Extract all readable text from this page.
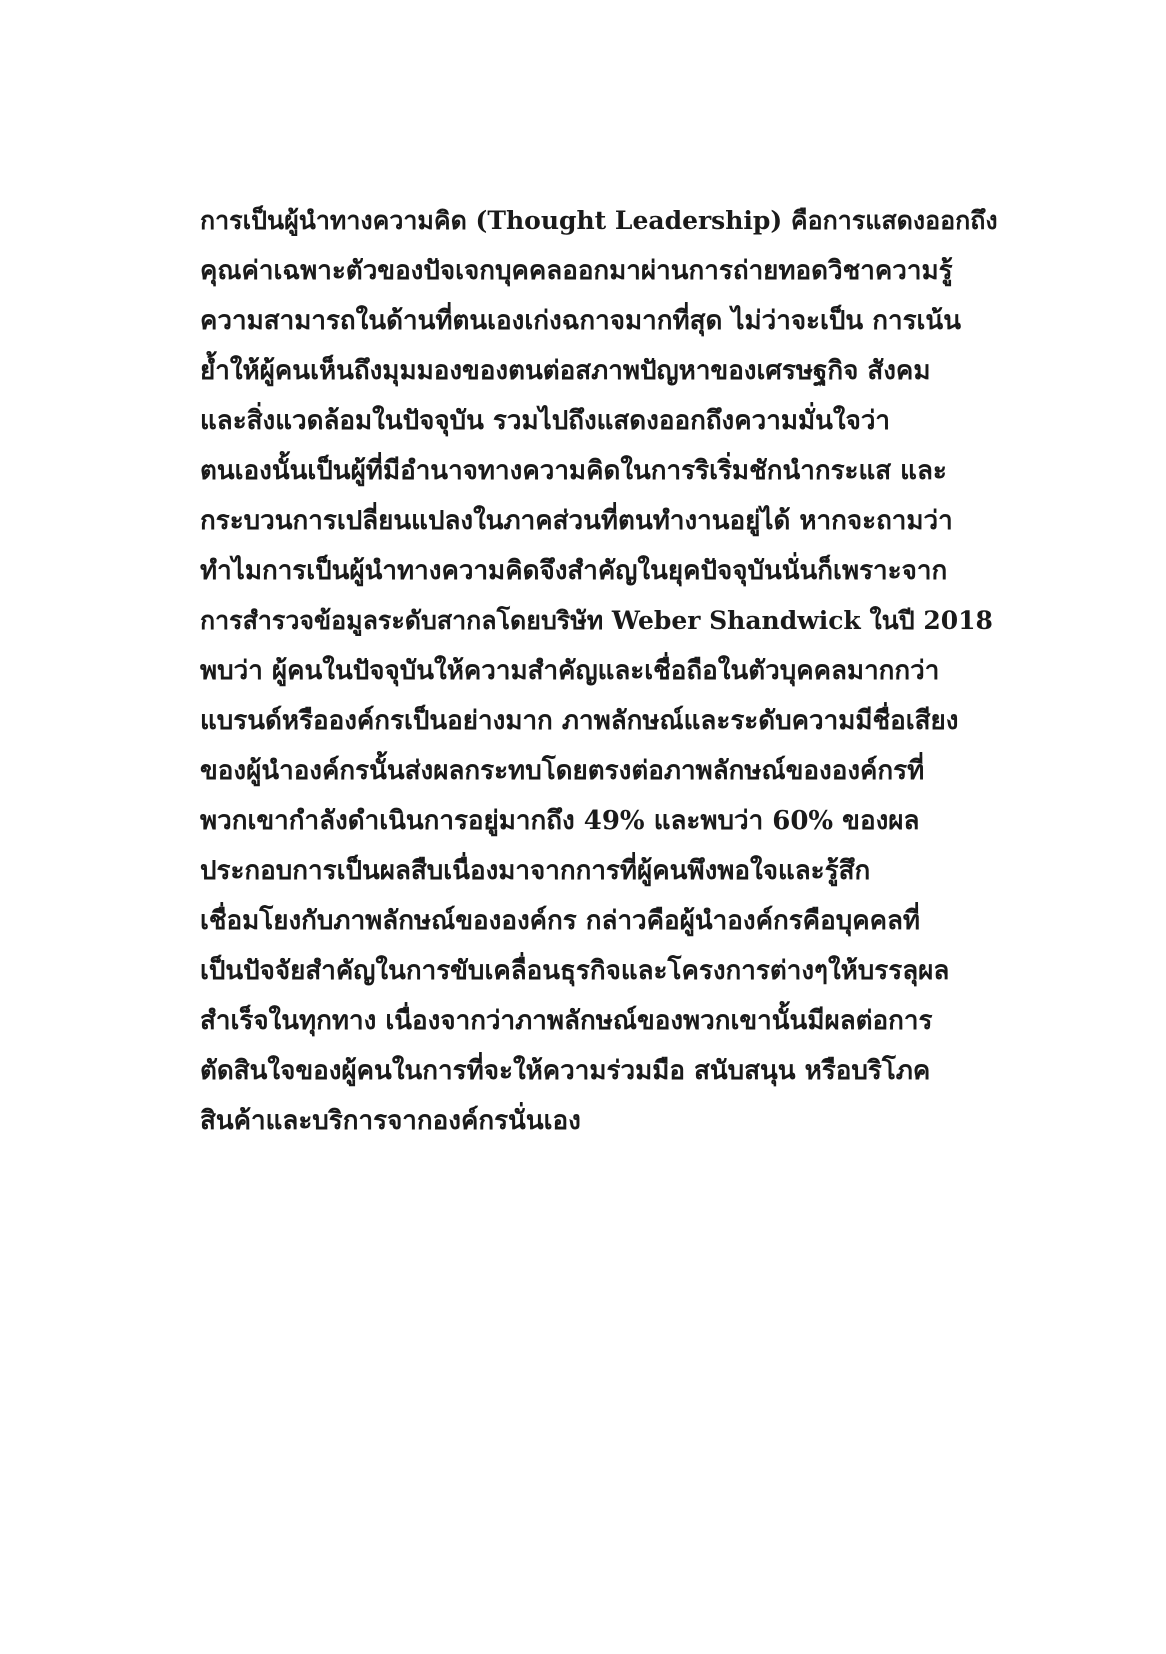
การเป็นผู้นำทางความคิด (Thought Leadership) คือการแสดงออกถึง
คุณค่าเฉพาะตัวของปัจเจกบุคคลออกมาผ่านการถ่ายทอดวิชาความรู้
ความสามารถในด้านที่ตนเองเก่งฉกาจมากที่สุด ไม่ว่าจะเป็น การเน้น
ย้ำให้ผู้คนเห็นถึงมุมมองของตนต่อสภาพปัญหาของเศรษฐกิจ สังคม
และสิ่งแวดล้อมในปัจจุบัน รวมไปถึงแสดงออกถึงความมั่นใจว่า
ตนเองนั้นเป็นผู้ที่มีอำนาจทางความคิดในการริเริ่มชักนำกระแส และ
กระบวนการเปลี่ยนแปลงในภาคส่วนที่ตนทำงานอยู่ได้ หากจะถามว่า
ทำไมการเป็นผู้นำทางความคิดจึงสำคัญในยุคปัจจุบันนั่นก็เพราะจาก
การสำรวจข้อมูลระดับสากลโดยบริษัท Weber Shandwick ในปี 2018
พบว่า ผู้คนในปัจจุบันให้ความสำคัญและเชื่อถือในตัวบุคคลมากกว่า
แบรนด์หรือองค์กรเป็นอย่างมาก ภาพลักษณ์และระดับความมีชื่อเสียง
ของผู้นำองค์กรนั้นส่งผลกระทบโดยตรงต่อภาพลักษณ์ขององค์กรที่
พวกเขากำลังดำเนินการอยู่มากถึง 49% และพบว่า 60% ของผล
ประกอบการเป็นผลสืบเนื่องมาจากการที่ผู้คนพึงพอใจและรู้สึก
เชื่อมโยงกับภาพลักษณ์ขององค์กร กล่าวคือผู้นำองค์กรคือบุคคลที่
เป็นปัจจัยสำคัญในการขับเคลื่อนธุรกิจและโครงการต่างๆให้บรรลุผล
สำเร็จในทุกทาง เนื่องจากว่าภาพลักษณ์ของพวกเขานั้นมีผลต่อการ
ตัดสินใจของผู้คนในการที่จะให้ความร่วมมือ สนับสนุน หรือบริโภค
สินค้าและบริการจากองค์กรนั่นเอง
